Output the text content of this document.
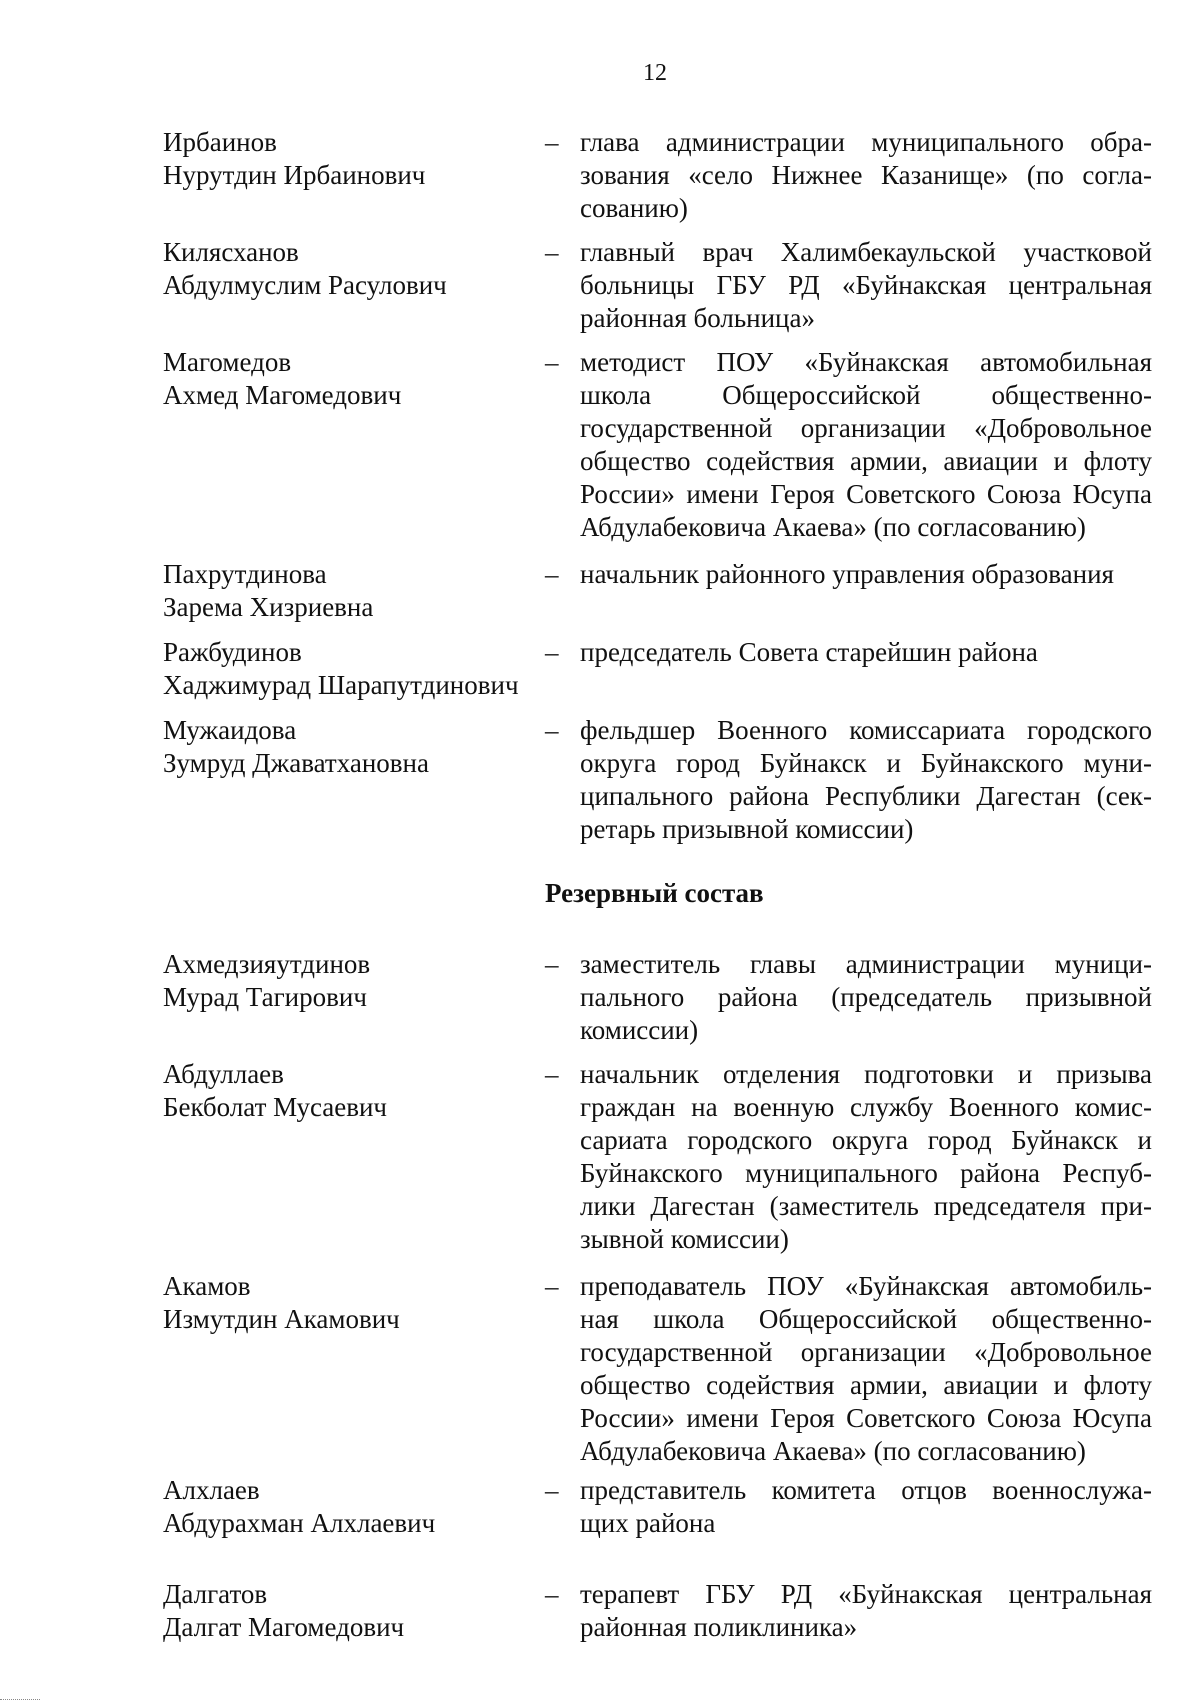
12
Ирбаинов
Нурутдин Ирбаинович
– глава администрации муниципального обра-
зования «село Нижнее Казанище» (по согла-
сованию)
Килясханов
Абдулмуслим Расулович
– главный врач Халимбекаульской участковой
больницы ГБУ РД «Буйнакская центральная
районная больница»
Магомедов
Ахмед Магомедович
– методист ПОУ «Буйнакская автомобильная
школа Общероссийской общественно-
государственной организации «Добровольное
общество содействия армии, авиации и флоту
России» имени Героя Советского Союза Юсупа
Абдулабековича Акаева» (по согласованию)
Пахрутдинова
Зарема Хизриевна
– начальник районного управления образования
Ражбудинов
Хаджимурад Шарапутдинович
– председатель Совета старейшин района
Мужаидова
Зумруд Джаватхановна
– фельдшер Военного комиссариата городского
округа город Буйнакск и Буйнакского муни-
ципального района Республики Дагестан (сек-
ретарь призывной комиссии)
Резервный состав
Ахмедзияутдинов
Мурад Тагирович
– заместитель главы администрации муници-
пального района (председатель призывной
комиссии)
Абдуллаев
Бекболат Мусаевич
– начальник отделения подготовки и призыва
граждан на военную службу Военного комис-
сариата городского округа город Буйнакск и
Буйнакского муниципального района Респуб-
лики Дагестан (заместитель председателя при-
зывной комиссии)
Акамов
Измутдин Акамович
– преподаватель ПОУ «Буйнакская автомобиль-
ная школа Общероссийской общественно-
государственной организации «Добровольное
общество содействия армии, авиации и флоту
России» имени Героя Советского Союза Юсупа
Абдулабековича Акаева» (по согласованию)
Алхлаев
Абдурахман Алхлаевич
– представитель комитета отцов военнослужа-
щих района
Далгатов
Далгат Магомедович
– терапевт ГБУ РД «Буйнакская центральная
районная поликлиника»
